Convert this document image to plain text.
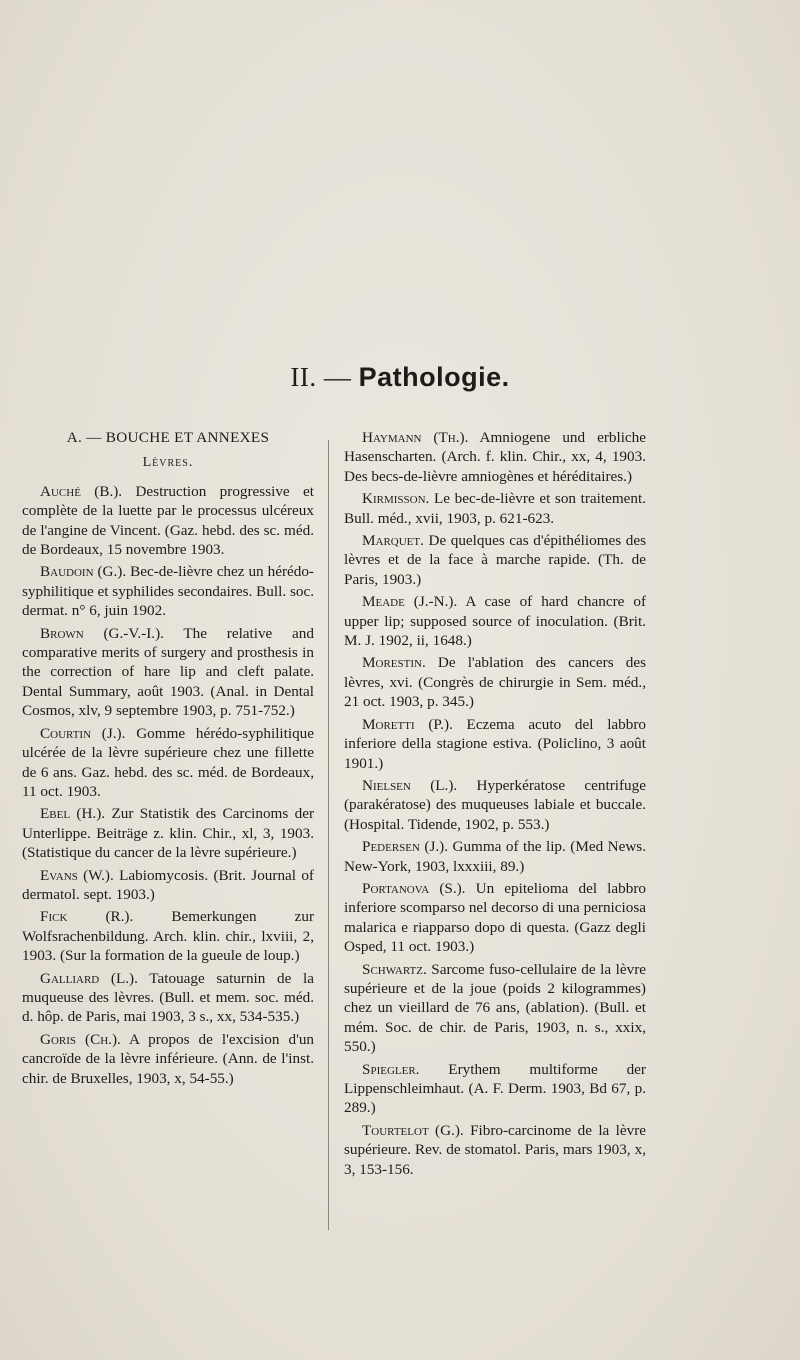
II. — Pathologie.
A. — BOUCHE ET ANNEXES
Lèvres.

Auché (B.). Destruction progressive et complète de la luette par le processus ulcéreux de l'angine de Vincent. (Gaz. hebd. des sc. méd. de Bordeaux, 15 novembre 1903.

Baudoin (G.). Bec-de-lièvre chez un hérédo-syphilitique et syphilides secondaires. Bull. soc. dermat. n° 6, juin 1902.

Brown (G.-V.-I.). The relative and comparative merits of surgery and prosthesis in the correction of hare lip and cleft palate. Dental Summary, août 1903. (Anal. in Dental Cosmos, xlv, 9 septembre 1903, p. 751-752.)

Courtin (J.). Gomme hérédo-syphilitique ulcérée de la lèvre supérieure chez une fillette de 6 ans. Gaz. hebd. des sc. méd. de Bordeaux, 11 oct. 1903.

Ebel (H.). Zur Statistik des Carcinoms der Unterlippe. Beiträge z. klin. Chir., xl, 3, 1903. (Statistique du cancer de la lèvre supérieure.)

Evans (W.). Labiomycosis. (Brit. Journal of dermatol. sept. 1903.)

Fick (R.). Bemerkungen zur Wolfsrachenbildung. Arch. klin. chir., lxviii, 2, 1903. (Sur la formation de la gueule de loup.)

Galliard (L.). Tatouage saturnin de la muqueuse des lèvres. (Bull. et mem. soc. méd. d. hôp. de Paris, mai 1903, 3 s., xx, 534-535.)

Goris (Ch.). A propos de l'excision d'un cancroïde de la lèvre inférieure. (Ann. de l'inst. chir. de Bruxelles, 1903, x, 54-55.)

Haymann (Th.). Amniogene und erbliche Hasenscharten. (Arch. f. klin. Chir., xx, 4, 1903. Des becs-de-lièvre amniogènes et héréditaires.)

Kirmisson. Le bec-de-lièvre et son traitement. Bull. méd., xvii, 1903, p. 621-623.

Marquet. De quelques cas d'épithéliomes des lèvres et de la face à marche rapide. (Th. de Paris, 1903.)

Meade (J.-N.). A case of hard chancre of upper lip; supposed source of inoculation. (Brit. M. J. 1902, ii, 1648.)

Morestin. De l'ablation des cancers des lèvres, xvi. (Congrès de chirurgie in Sem. méd., 21 oct. 1903, p. 345.)

Moretti (P.). Eczema acuto del labbro inferiore della stagione estiva. (Policlino, 3 août 1901.)

Nielsen (L.). Hyperkératose centrifuge (parakératose) des muqueuses labiale et buccale. (Hospital. Tidende, 1902, p. 553.)

Pedersen (J.). Gumma of the lip. (Med News. New-York, 1903, lxxxiii, 89.)

Portanova (S.). Un epitelioma del labbro inferiore scomparso nel decorso di una perniciosa malarica e riapparso dopo di questa. (Gazz degli Osped, 11 oct. 1903.)

Schwartz. Sarcome fuso-cellulaire de la lèvre supérieure et de la joue (poids 2 kilogrammes) chez un vieillard de 76 ans, (ablation). (Bull. et mém. Soc. de chir. de Paris, 1903, n. s., xxix, 550.)

Spiegler. Erythem multiforme der Lippenschleimhaut. (A. F. Derm. 1903, Bd 67, p. 289.)

Tourtelot (G.). Fibro-carcinome de la lèvre supérieure. Rev. de stomatol. Paris, mars 1903, x, 3, 153-156.
